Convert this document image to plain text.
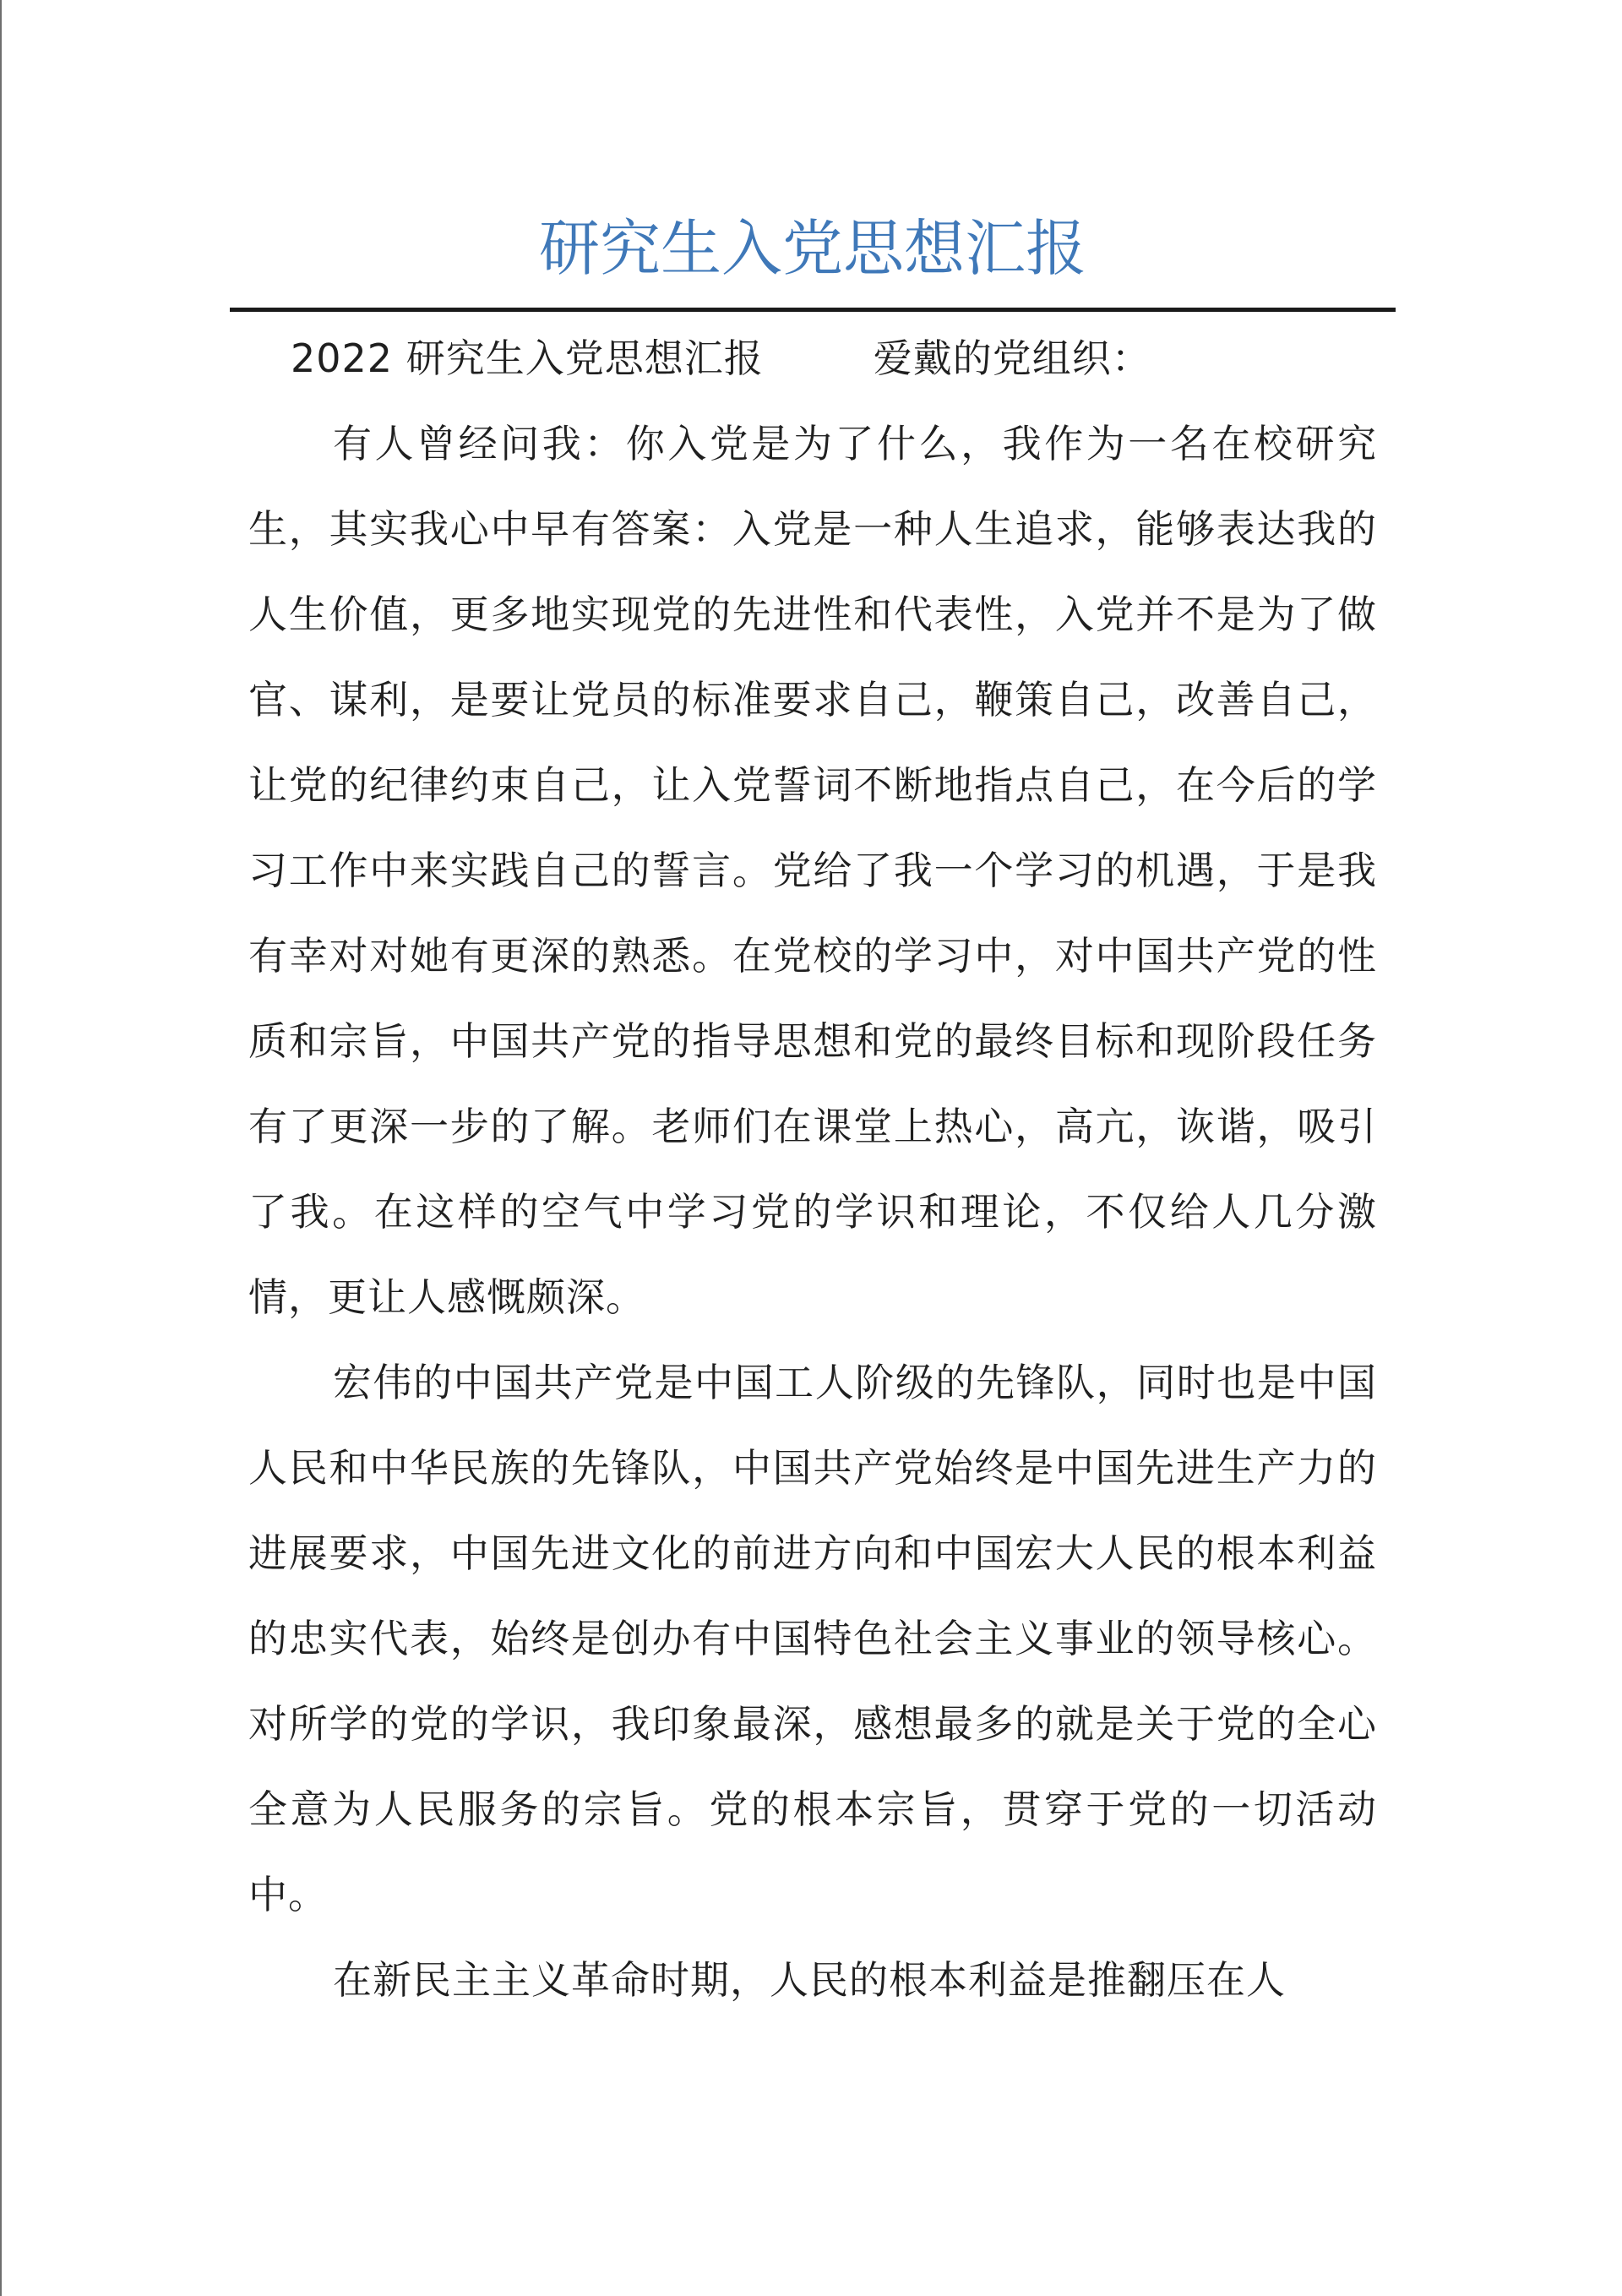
研究生入党思想汇报

2022 研究生入党思想汇报	爱戴的党组织：

有人曾经问我：你入党是为了什么，我作为一名在校研究生，其实我心中早有答案：入党是一种人生追求，能够表达我的人生价值，更多地实现党的先进性和代表性，入党并不是为了做官、谋利，是要让党员的标准要求自己，鞭策自己，改善自己，让党的纪律约束自己，让入党誓词不断地指点自己，在今后的学习工作中来实践自己的誓言。党给了我一个学习的机遇，于是我有幸对对她有更深的熟悉。在党校的学习中，对中国共产党的性质和宗旨，中国共产党的指导思想和党的最终目标和现阶段任务有了更深一步的了解。老师们在课堂上热心，高亢，诙谐，吸引了我。在这样的空气中学习党的学识和理论，不仅给人几分激情，更让人感慨颇深。

宏伟的中国共产党是中国工人阶级的先锋队，同时也是中国人民和中华民族的先锋队，中国共产党始终是中国先进生产力的进展要求，中国先进文化的前进方向和中国宏大人民的根本利益的忠实代表，始终是创办有中国特色社会主义事业的领导核心。对所学的党的学识，我印象最深，感想最多的就是关于党的全心全意为人民服务的宗旨。党的根本宗旨，贯穿于党的一切活动中。

在新民主主义革命时期，人民的根本利益是推翻压在人
